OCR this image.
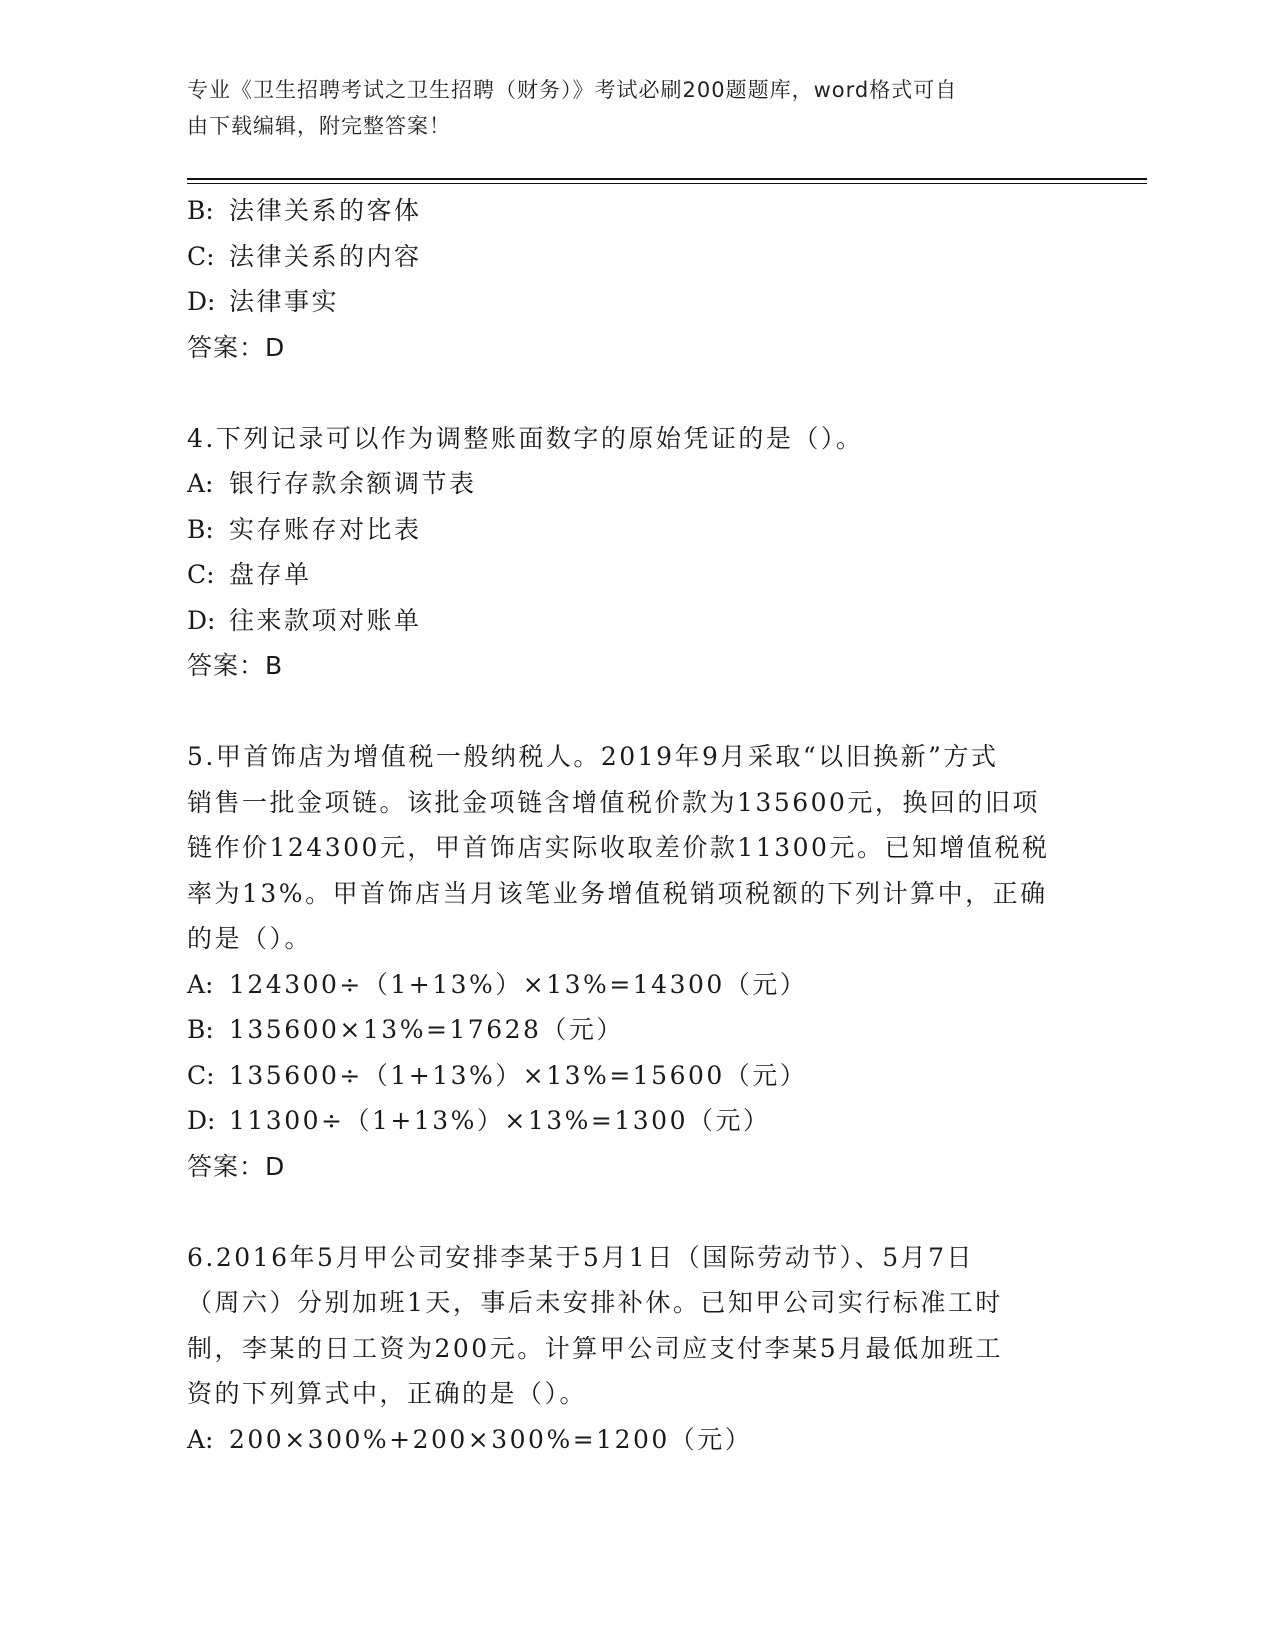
专业《卫生招聘考试之卫生招聘（财务）》考试必刷200题题库，word格式可自
由下载编辑，附完整答案！
B: 法律关系的客体
C: 法律关系的内容
D: 法律事实
答案：D
4.下列记录可以作为调整账面数字的原始凭证的是（）。
A: 银行存款余额调节表
B: 实存账存对比表
C: 盘存单
D: 往来款项对账单
答案：B
5.甲首饰店为增值税一般纳税人。2019年9月采取“以旧换新”方式
销售一批金项链。该批金项链含增值税价款为135600元，换回的旧项
链作价124300元，甲首饰店实际收取差价款11300元。已知增值税税
率为13%。甲首饰店当月该笔业务增值税销项税额的下列计算中，正确
的是（）。
A: 124300÷（1+13%）×13%=14300（元）
B: 135600×13%=17628（元）
C: 135600÷（1+13%）×13%=15600（元）
D: 11300÷（1+13%）×13%=1300（元）
答案：D
6.2016年5月甲公司安排李某于5月1日（国际劳动节）、5月7日
（周六）分别加班1天，事后未安排补休。已知甲公司实行标准工时
制，李某的日工资为200元。计算甲公司应支付李某5月最低加班工
资的下列算式中，正确的是（）。
A: 200×300%+200×300%=1200（元）
